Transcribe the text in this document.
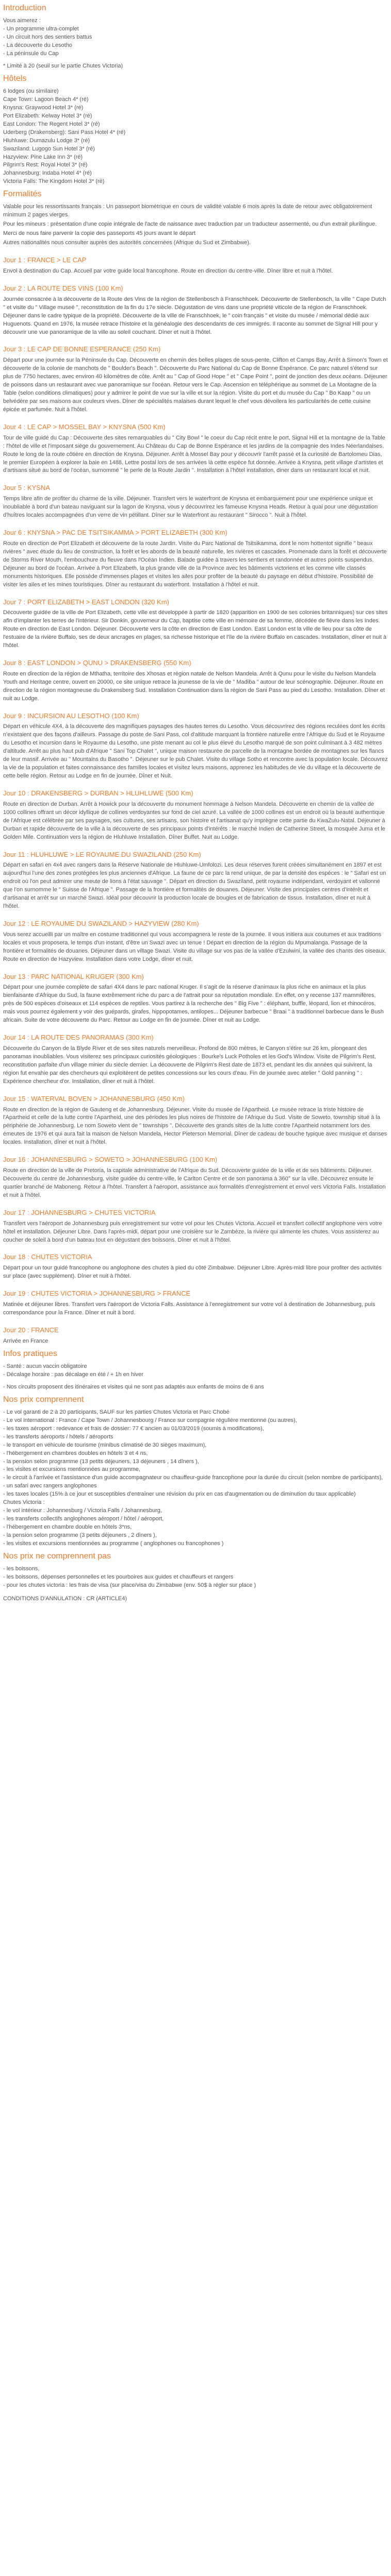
Introduction
Vous aimerez :
- Un programme ultra-complet
- Un circuit hors des sentiers battus
- La découverte du Lesotho
- La péninsule du Cap
* Limité à 20 (seuil sur le partie Chutes Victoria)
Hôtels
6 lodges (ou similaire)
Cape Town: Lagoon Beach 4* (ré)
Knysna: Graywood Hotel 3* (ré)
Port Elizabeth: Kelway Hotel 3* (ré)
East London: The Regent Hotel 3* (ré)
Uderberg (Drakensberg): Sani Pass Hotel 4* (ré)
Hluhluwe: Dumazulu Lodge 3* (ré)
Swaziland: Lugogo Sun Hotel 3* (ré)
Hazyview: Pine Lake Inn 3* (ré)
Pilgrim's Rest: Royal Hotel 3* (ré)
Johannesburg: Indaba Hotel 4* (ré)
Victoria Falls: The Kingdom Hotel 3* (ré)
Formalités

Valable pour les ressortissants français : Un passeport biométrique en cours de validité valable 6 mois après la date de retour avec obligatoirement minimum 2 pages vierges.

Pour les mineurs : présentation d'une copie intégrale de l'acte de naissance avec traduction par un traducteur assermenté, ou d'un extrait plurilingue.

Merci de nous faire parvenir la copie des passeports 45 jours avant le départ

Autres nationalités nous consulter auprès des autorités concernées (Afrique du Sud et Zimbabwe).

Jour 1 : FRANCE > LE CAP

Envol à destination du Cap. Accueil par votre guide local francophone. Route en direction du centre-ville. Dîner libre et nuit à l'hôtel.

Jour 2 : LA ROUTE DES VINS (100 Km)

Journée consacrée à la découverte de la Route des Vins de la région de Stellenbosch à Franschhoek. Découverte de Stellenbosch, la ville " Cape Dutch " et visite du " Village museé ", reconstitution de la fin du 17e siècle. Dégustation de vins dans une propriété viticole de la région de Franschhoek. Déjeuner dans le cadre typique de la propriété. Découverte de la ville de Franschhoek, le " coin français " et visite du musée / mémorial dédié aux Huguenots. Quand en 1976, la musée retrace l'histoire et la généalogie des descendants de ces immigrés. Il raconte au sommet de Signal Hill pour y découvrir une vue panoramique de la ville au soleil couchant. Dîner et nuit à l'hôtel.

Jour 3 : LE CAP DE BONNE ESPERANCE (250 Km)

Départ pour une journée sur la Péninsule du Cap. Découverte en chemin des belles plages de sous-pente, Clifton et Camps Bay, Arrêt à Simon's Town et découverte de la colonie de manchots de " Boulder's Beach ". Découverte du Parc National du Cap de Bonne Espérance. Ce parc naturel s'étend sur plus de 7750 hectares, avec environ 40 kilomètres de côte. Arrêt au " Cap of Good Hope " et " Cape Point ", point de jonction des deux océans. Déjeuner de poissons dans un restaurant avec vue panoramique sur l'océan. Retour vers le Cap. Ascension en téléphérique au sommet de La Montagne de la Table (selon conditions climatiques) pour y admirer le point de vue sur la ville et sur la région. Visite du port et du musée du Cap " Bo Kaap " ou un belvédère par ses maisons aux couleurs vives. Dîner de spécialités malaises durant lequel le chef vous dévoilera les particularités de cette cuisine épicée et parfumée. Nuit à l'hôtel.

Jour 4 : LE CAP > MOSSEL BAY > KNYSNA (500 Km)

Tour de ville guidé du Cap : Découverte des sites remarquables du " City Bowl " le coeur du Cap récit entre le port, Signal Hill et la montagne de la Table : l'hôtel de ville et l'imposant siège du gouvernement. Au Château du Cap de Bonne Espérance et les jardins de la compagnie des Indes Néerlandaises. Route le long de la route côtière en direction de Knysna. Déjeuner. Arrêt à Mossel Bay pour y découvrir l'arrêt passé et la curiosité de Bartolomeu Dias, le premier Européen à explorer la baie en 1488. Lettre postal lors de ses arrivées là cette espèce fut donnée. Arrivée à Knysna, petit village d'artistes et d'artisans situé au bord de l'océan, surnommé " le perle de la Route Jardin ". Installation à l'hôtel installation, diner dans un restaurant local et nuit.

Jour 5 : KYSNA

Temps libre afin de profiter du charme de la ville. Déjeuner. Transfert vers le waterfront de Knysna et embarquement pour une expérience unique et inoubliable à bord d'un bateau naviguant sur la lagon de Knysna, vous y découvrirez les fameuse Knysna Heads. Retour à quai pour une dégustation d'huîtres locales accompagnées d'un verre de vin pétillant. Dîner sur le Waterfront au restaurant " Sirocco ". Nuit à l'hôtel.

Jour 6 : KNYSNA > PAC DE TSITSIKAMMA > PORT ELIZABETH (300 Km)

Route en direction de Port Elizabeth et découverte de la route Jardin. Visite du Parc National de Tsitsikamma, dont le nom hottentot signifie " beaux rivières " avec étude du lieu de construction, la forêt et les abords de la beauté naturelle, les rivières et cascades. Promenade dans la forêt et découverte de Storms River Mouth, l'embouchure du fleuve dans l'Océan Indien. Balade guidée à travers les sentiers et randonnée et autres points suspendus. Déjeuner au bord de l'océan. Arrivée à Port Elizabeth, la plus grande ville de la Province avec les bâtiments victoriens et les comme ville classés monuments historiques. Elle possède d'immenses plages et visites les ailes pour profiter de la beauté du paysage en début d'histoire. Possibilité de visiter les ailes et les mines touristiques. Dîner au restaurant du waterfront. Installation à l'hôtel et nuit.

Jour 7 : PORT ELIZABETH > EAST LONDON (320 Km)

Découverte guidée de la ville de Port Elizabeth, cette ville est développée à partir de 1820 (apparition en 1900 de ses colonies britanniques) sur ces sites afin d'implanter les terres de l'intérieur. Sir Donkin, gouverneur du Cap, baptise cette ville en mémoire de sa femme, décédée de fièvre dans les Indes. Route en direction de East London. Déjeuner. Découverte vers la côte en direction de East London. East London est la ville de lieu pour sa côte de l'estuaire de la rivière Buffalo, ses de deux ancrages en plages, sa richesse historique et l'île de la rivière Buffalo en cascades. Installation, dîner et nuit à l'hôtel.

Jour 8 : EAST LONDON > QUNU > DRAKENSBERG (550 Km)

Route en direction de la région de Mthatha, territoire des Xhosas et région natale de Nelson Mandela. Arrêt à Qunu pour le visite du Nelson Mandela Youth and Heritage centre, ouvert en 20000, ce site unique retrace la jeunesse de la vie de " Madiba " autour de leur scénographie. Déjeuner. Route en direction de la région montagneuse du Drakensberg Sud. Installation Continuation dans la région de Sani Pass au pied du Lesotho. Installation. Dîner et nuit au Lodge.

Jour 9 : INCURSION AU LESOTHO (100 Km)

Départ en véhicule 4X4, à la découverte des magnifiques paysages des hautes terres du Lesotho. Vous découvrirez des régions reculées dont les écrits n'existaient que des façons d'ailleurs. Passage du poste de Sani Pass, col d'altitude marquant la frontière naturelle entre l'Afrique du Sud et le Royaume du Lesotho et incursion dans le Royaume du Lesotho, une piste menant au col le plus élevé du Lesotho marqué de son point culminant à 3 482 mètres d'altitude. Arrêt au plus haut pub d'Afrique " Sani Top Chalet ", unique maison restaurée de parcelle de la montagne bordée de montagnes sur les flancs de leur massif. Arrivée au " Mountains du Basotho ". Déjeuner sur le pub Chalet. Visite du village Sotho et rencontre avec la population locale. Découvrez la vie de la population et faites connaissance des familles locales et visitez leurs maisons, apprenez les habitudes de vie du village et la découverte de cette belle région. Retour au Lodge en fin de journée. Dîner et Nuit.

Jour 10 : DRAKENSBERG > DURBAN > HLUHLUWE (500 Km)

Route en direction de Durban. Arrêt à Howick pour la découverte du monument hommage à Nelson Mandela. Découverte en chemin de la vallée de 1000 collines offrant un décor idyllique de collines verdoyantes sur fond de ciel azuré. La vallée de 1000 collines est un endroit où la beauté authentique de l'Afrique est célébrée par ses paysages, ses cultures, ses artisans, son histoire et l'artisanat qu'y imprègne cette partie du KwaZulu-Natal. Déjeuner à Durban et rapide découverte de la ville à la découverte de ses principaux points d'intérêts : le marché Indien de Catherine Street, la mosquée Juma et le Golden Mile. Continuation vers la région de Hluhluwe Installation. Dîner Buffet. Nuit au Lodge.

Jour 11 : HLUHLUWE > LE ROYAUME DU SWAZILAND (250 Km)

Départ en safari en 4x4 avec rangers dans la Réserve Nationale de Hluhluwe-Umfolozi. Les deux réserves furent créées simultanément en 1897 et est aujourd'hui l'une des zones protégées les plus anciennes d'Afrique. La faune de ce parc la rend unique, de par la densité des espèces : le " Safari est un endroit où l'on peut admirer une meute de lions à l'état sauvage ". Départ en direction du Swaziland, petit royaume indépendant, verdoyant et vallonné que l'on surnomme le " Suisse de l'Afrique ". Passage de la frontière et formalités de douanes. Déjeuner. Visite des principales centres d'intérêt et d'artisanat et arrêt sur un marché Swazi. Idéal pour découvrir la production locale de bougies et de fabrication de tissus. Installation, dîner et nuit à l'hôtel.

Jour 12 : LE ROYAUME DU SWAZILAND > HAZYVIEW (280 Km)

Vous serez accueilli par un maître en costume traditionnel qui vous accompagnera le reste de la journée. Il vous initiera aux coutumes et aux traditions locales et vous proposera, le temps d'un instant, d'être un Swazi avec un tenue ! Départ en direction de la région du Mpumalanga. Passage de la frontière et formalités de douanes. Déjeuner dans un village Swazi. Visite du village sur vos pas de la vallée d'Ezulwini, la vallée des chants des oiseaux. Route en direction de Hazyview. Installation dans votre Lodge, dîner et nuit.

Jour 13 : PARC NATIONAL KRUGER (300 Km)

Départ pour une journée complète de safari 4X4 dans le parc national Kruger. Il s'agit de la réserve d'animaux la plus riche en animaux et la plus bienfaisante d'Afrique du Sud, la faune extrêmement riche du parc a de l'attrait pour sa réputation mondiale. En effet, on y recense 137 mammifères, près de 500 espèces d'oiseaux et 114 espèces de reptiles. Vous partirez à la recherche des " Big Five " : éléphant, buffle, léopard, lion et rhinocéros, mais vous pourrez également y voir des guépards, girafes, hippopotames, antilopes... Déjeuner barbecue " Braai " à traditionnel barbecue dans le Bush africain. Suite de votre découverte du Parc. Retour au Lodge en fin de journée. Dîner et nuit au Lodge.

Jour 14 : LA ROUTE DES PANORAMAS (300 Km)

Découverte du Canyon de la Blyde River et de ses sites naturels merveilleux. Profond de 800 mètres, le Canyon s'étire sur 26 km, plongeant des panoramas inoubliables. Vous visiterez ses principaux curiosités géologiques : Bourke's Luck Potholes et les God's Window. Visite de Pilgrim's Rest, reconstitution parfaite d'un village minier du siècle dernier. La découverte de Pilgrim's Rest date de 1873 et, pendant les dix années qui suivirent, la région fut envahie par des chercheurs qui exploitèrent de petites concessions sur les cours d'eau. Fin de journée avec atelier " Gold panning " : Expérience chercheur d'or. Installation, dîner et nuit à l'hôtel.

Jour 15 : WATERVAL BOVEN > JOHANNESBURG (450 Km)

Route en direction de la région de Gauteng et de Johannesburg. Déjeuner. Visite du musée de l'Apartheid. Le musée retrace la triste histoire de l'Apartheid et celle de la lutte contre l'Apartheid, une des périodes les plus noires de l'histoire de l'Afrique du Sud. Visite de Soweto, township situé à la périphérie de Johannesburg. Le nom Soweto vient de " townships ". Découverte des grands sites de la lutte contre l'Apartheid notamment lors des émeutes de 1976 et qui aura fait la maison de Nelson Mandela, Hector Pieterson Memorial. Dîner de cadeau de bouche typique avec musique et danses locales. Installation, dîner et nuit à l'hôtel.

Jour 16 : JOHANNESBURG > SOWETO > JOHANNESBURG (100 Km)

Route en direction de la ville de Pretoria, la capitale administrative de l'Afrique du Sud. Découverte guidée de la ville et de ses bâtiments. Déjeuner. Découverte du centre de Johannesburg, visite guidée du centre-ville, le Carlton Centre et de son panorama à 360° sur la ville. Découvrez ensuite le quartier branché de Maboneng. Retour à l'hôtel. Transfert à l'aéroport, assistance aux formalités d'enregistrement et envol vers Victoria Falls. Installation et nuit à l'hôtel.

Jour 17 : JOHANNESBURG > CHUTES VICTORIA

Transfert vers l'aéroport de Johannesburg puis enregistrement sur votre vol pour les Chutes Victoria. Accueil et transfert collectif anglophone vers votre hôtel et installation. Déjeuner Libre. Dans l'après-midi, départ pour une croisière sur le Zambèze, la rivière qui alimente les chutes. Vous assisterez au coucher de soleil à bord d'un bateau tout en dégustant des boissons. Dîner et nuit à l'hôtel.

Jour 18 : CHUTES VICTORIA

Départ pour un tour guidé francophone ou anglophone des chutes à pied du côté Zimbabwe. Déjeuner Libre. Après-midi libre pour profiter des activités sur place (avec supplément). Dîner et nuit à l'hôtel.

Jour 19 : CHUTES VICTORIA > JOHANNESBURG > FRANCE

Matinée et déjeuner libres. Transfert vers l'aéroport de Victoria Falls. Assistance à l'enregistrement sur votre vol à destination de Johannesburg, puis correspondance pour la France. Dîner et nuit à bord.

Jour 20 : FRANCE

Arrivée en France

Infos pratiques
- Santé : aucun vaccin obligatoire
- Décalage horaire : pas décalage en été / + 1h en hiver
- Nos circuits proposent des itinéraires et visites qui ne sont pas adaptés aux enfants de moins de 6 ans
Nos prix comprennent
- Le vol garanti de 2 à 20 participants, SAUF sur les parties Chutes Victoria et Parc Chobé
- Le vol international : France / Cape Town / Johannesbourg / France sur compagnie régulière mentionné (ou autres),
- les taxes aéroport : redevance et frais de dossier: 77 € ancien au 01/03/2019 (soumis à modifications),
- les transferts aéroports / hôtels / aéroports
- le transport en véhicule de tourisme (minibus climatisé de 30 sièges maximum),
- l'hébergement en chambres doubles en hôtels 3 et 4 ns,
- la pension selon programme (13 petits déjeuners, 13 déjeuners , 14 dîners ),
- les visites et excursions mentionnées au programme,
- le circuit à l'arrivée et l'assistance d'un guide accompagnateur ou chauffeur-guide francophone pour la durée du circuit (selon nombre de participants),
- un safari avec rangers anglophones
- les taxes locales (15% à ce jour et susceptibles d'entraîner une révision du prix en cas d'augmentation ou de diminution du taux applicable)
Chutes Victoria :
- le vol intérieur : Johannesburg / Victoria Falls / Johannesburg,
- les transferts collectifs anglophones aéroport / hôtel / aéroport,
- l'hébergement en chambre double en hôtels 3*ns,
- la pension selon programme (3 petits déjeuners , 2 dîners ),
- les visites et excursions mentionnées au programme ( anglophones ou francophones )
Nos prix ne comprennent pas
- les boissons,
- les boissons, dépenses personnelles et les pourboires aux guides et chauffeurs et rangers
- pour les chutes victoria : les frais de visa (sur place/visa du Zimbabwe (env. 50$ à régler sur place )
CONDITIONS D'ANNULATION : CR (ARTICLE4)
